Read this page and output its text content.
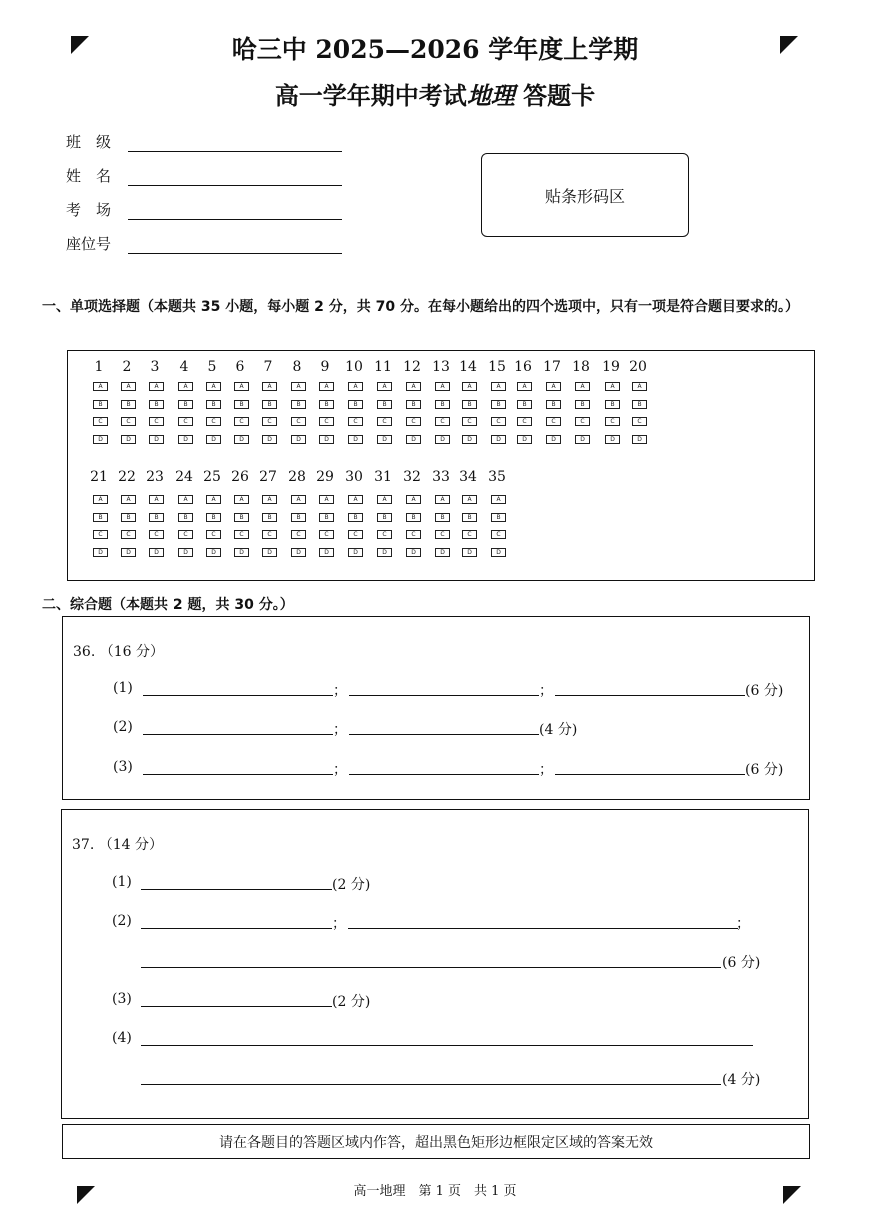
哈三中 2025—2026 学年度上学期
高一学年期中考试地理 答题卡
班　级
姓　名
考　场
座位号
贴条形码区
一、单项选择题（本题共 35 小题，每小题 2 分，共 70 分。在每小题给出的四个选项中，只有一项是符合题目要求的。）
1
A
B
C
D
2
A
B
C
D
3
A
B
C
D
4
A
B
C
D
5
A
B
C
D
6
A
B
C
D
7
A
B
C
D
8
A
B
C
D
9
A
B
C
D
10
A
B
C
D
11
A
B
C
D
12
A
B
C
D
13
A
B
C
D
14
A
B
C
D
15
A
B
C
D
16
A
B
C
D
17
A
B
C
D
18
A
B
C
D
19
A
B
C
D
20
A
B
C
D
21
A
B
C
D
22
A
B
C
D
23
A
B
C
D
24
A
B
C
D
25
A
B
C
D
26
A
B
C
D
27
A
B
C
D
28
A
B
C
D
29
A
B
C
D
30
A
B
C
D
31
A
B
C
D
32
A
B
C
D
33
A
B
C
D
34
A
B
C
D
35
A
B
C
D
二、综合题（本题共 2 题，共 30 分。）
36. （16 分）
(1)	；	；	(6 分)
(2)	；	(4 分)
(3)	；	；	(6 分)
37. （14 分）
(1)	(2 分)
(2)	；	；
(6 分)
(3)	(2 分)
(4)
(4 分)
请在各题目的答题区域内作答，超出黑色矩形边框限定区域的答案无效
高一地理　第 1 页　共 1 页
